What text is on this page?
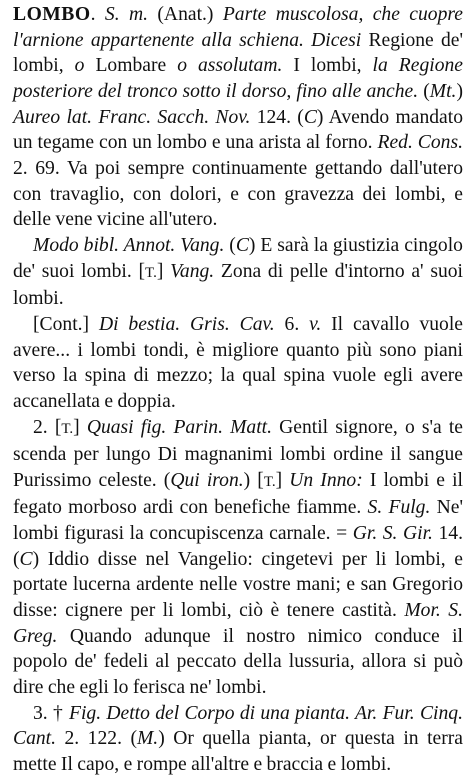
LOMBO. S. m. (Anat.) Parte muscolosa, che cuopre l'arnione appartenente alla schiena. Dicesi Regione de' lombi, o Lombare o assolutam. I lombi, la Regione posteriore del tronco sotto il dorso, fino alle anche. (Mt.) Aureo lat. Franc. Sacch. Nov. 124. (C) Avendo mandato un tegame con un lombo e una arista al forno. Red. Cons. 2. 69. Va poi sempre continuamente gettando dall'utero con travaglio, con dolori, e con gravezza dei lombi, e delle vene vicine all'utero.

Modo bibl. Annot. Vang. (C) E sarà la giustizia cingolo de' suoi lombi. [T.] Vang. Zona di pelle d'intorno a' suoi lombi.

[Cont.] Di bestia. Gris. Cav. 6. v. Il cavallo vuole avere... i lombi tondi, è migliore quanto più sono piani verso la spina di mezzo; la qual spina vuole egli avere accanellata e doppia.

2. [T.] Quasi fig. Parin. Matt. Gentil signore, o s'a te scenda per lungo Di magnanimi lombi ordine il sangue Purissimo celeste. (Qui iron.) [T.] Un Inno: I lombi e il fegato morboso ardi con benefiche fiamme. S. Fulg. Ne' lombi figurasi la concupiscenza carnale. = Gr. S. Gir. 14. (C) Iddio disse nel Vangelio: cingetevi per li lombi, e portate lucerna ardente nelle vostre mani; e san Gregorio disse: cignere per li lombi, ciò è tenere castità. Mor. S. Greg. Quando adunque il nostro nimico conduce il popolo de' fedeli al peccato della lussuria, allora si può dire che egli lo ferisca ne' lombi.

3. † Fig. Detto del Corpo di una pianta. Ar. Fur. Cinq. Cant. 2. 122. (M.) Or quella pianta, or questa in terra mette Il capo, e rompe all'altre e braccia e lombi.
